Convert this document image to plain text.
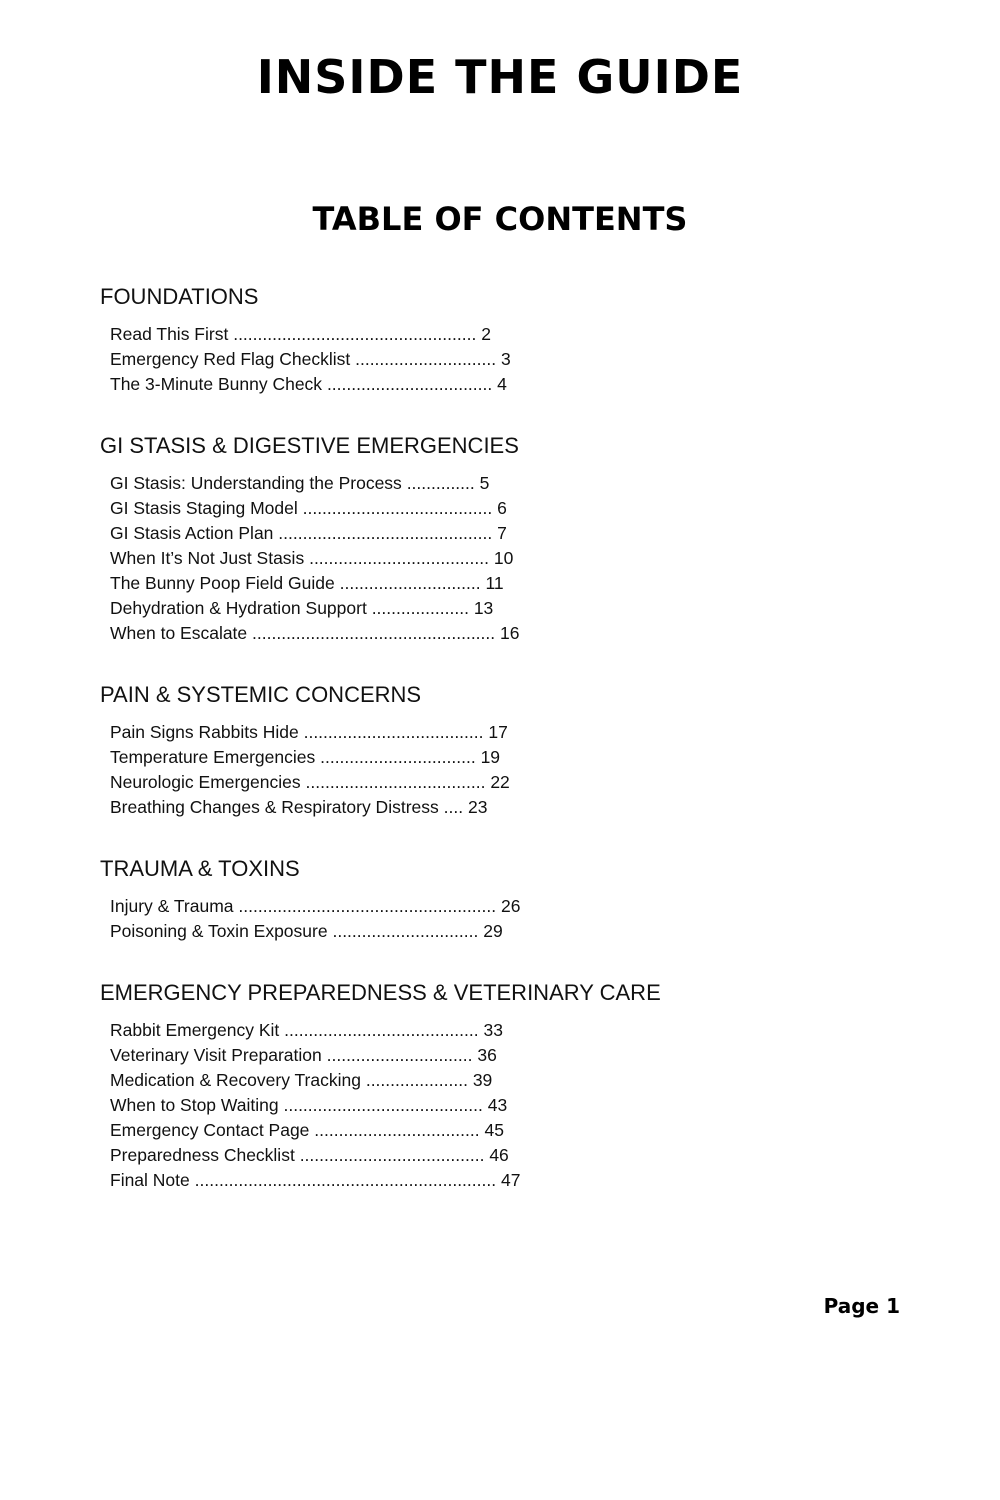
INSIDE THE GUIDE
TABLE OF CONTENTS
FOUNDATIONS
Read This First .................................................. 2
Emergency Red Flag Checklist ............................. 3
The 3-Minute Bunny Check .................................. 4
GI STASIS & DIGESTIVE EMERGENCIES
GI Stasis: Understanding the Process .............. 5
GI Stasis Staging Model ....................................... 6
GI Stasis Action Plan ............................................ 7
When It’s Not Just Stasis ..................................... 10
The Bunny Poop Field Guide ............................. 11
Dehydration & Hydration Support .................... 13
When to Escalate .................................................. 16
PAIN & SYSTEMIC CONCERNS
Pain Signs Rabbits Hide ..................................... 17
Temperature Emergencies ................................ 19
Neurologic Emergencies ..................................... 22
Breathing Changes & Respiratory Distress .... 23
TRAUMA & TOXINS
Injury & Trauma ..................................................... 26
Poisoning & Toxin Exposure .............................. 29
EMERGENCY PREPAREDNESS & VETERINARY CARE
Rabbit Emergency Kit ........................................ 33
Veterinary Visit Preparation .............................. 36
Medication & Recovery Tracking ..................... 39
When to Stop Waiting ......................................... 43
Emergency Contact Page .................................. 45
Preparedness Checklist ...................................... 46
Final Note .............................................................. 47
Page 1
